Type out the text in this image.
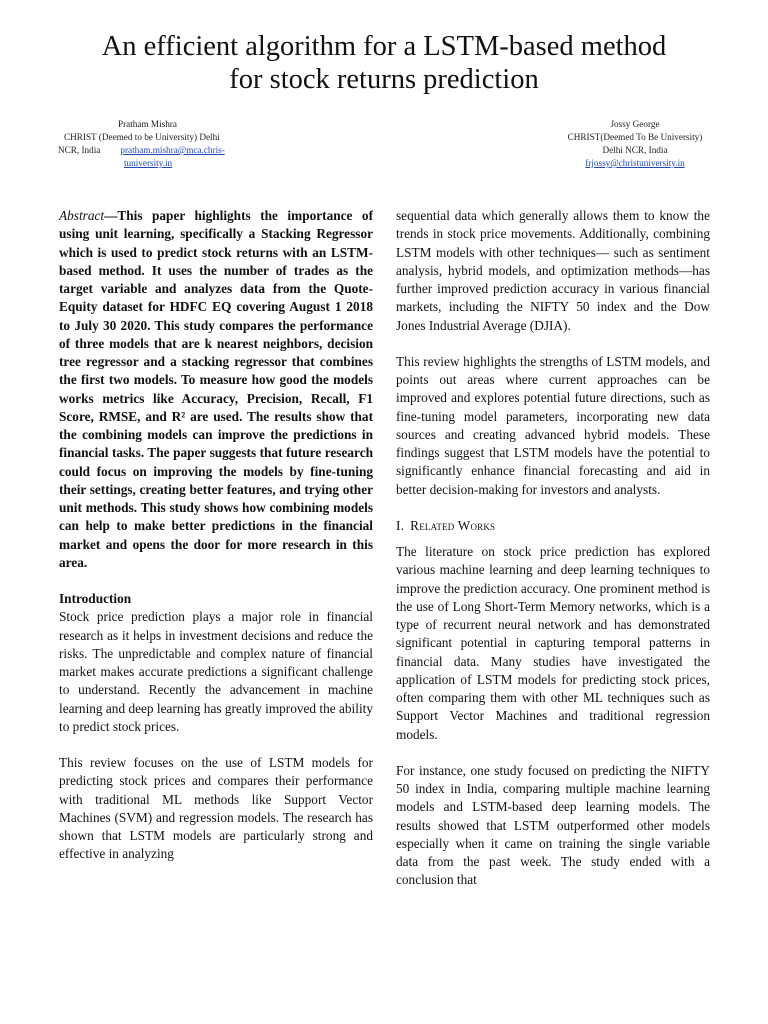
An efficient algorithm for a LSTM-based method
for stock returns prediction
Pratham Mishra
CHRIST (Deemed to be University) Delhi
NCR, India pratham.mishra@mca.chris-
tuniversity.in
Jossy George
CHRIST(Deemed To Be University)
Delhi NCR, India
frjossy@christuniversity.in

Abstract—This paper highlights the importance of using unit learning, specifically a Stacking Regressor which is used to predict stock returns with an LSTM-based method. It uses the number of trades as the target variable and analyzes data from the Quote-Equity dataset for HDFC EQ covering August 1 2018 to July 30 2020. This study compares the performance of three models that are k nearest neighbors, decision tree regressor and a stacking regressor that combines the first two models. To measure how good the models works metrics like Accuracy, Precision, Recall, F1 Score, RMSE, and R² are used. The results show that the combining models can improve the predictions in financial tasks. The paper suggests that future research could focus on improving the models by fine-tuning their settings, creating better features, and trying other unit methods. This study shows how combining models can help to make better predictions in the financial market and opens the door for more research in this area.

Introduction

Stock price prediction plays a major role in financial research as it helps in investment decisions and reduce the risks. The unpredictable and complex nature of financial market makes accurate predictions a significant challenge to understand. Recently the advancement in machine learning and deep learning has greatly improved the ability to predict stock prices.

This review focuses on the use of LSTM models for predicting stock prices and compares their performance with traditional ML methods like Support Vector Machines (SVM) and regression models. The research has shown that LSTM models are particularly strong and effective in analyzing

sequential data which generally allows them to know the trends in stock price movements. Additionally, combining LSTM models with other techniques— such as sentiment analysis, hybrid models, and optimization methods—has further improved prediction accuracy in various financial markets, including the NIFTY 50 index and the Dow Jones Industrial Average (DJIA).

This review highlights the strengths of LSTM models, and points out areas where current approaches can be improved and explores potential future directions, such as fine-tuning model parameters, incorporating new data sources and creating advanced hybrid models. These findings suggest that LSTM models have the potential to significantly enhance financial forecasting and aid in better decision-making for investors and analysts.

I. Related Works

The literature on stock price prediction has explored various machine learning and deep learning techniques to improve the prediction accuracy. One prominent method is the use of Long Short-Term Memory networks, which is a type of recurrent neural network and has demonstrated significant potential in capturing temporal patterns in financial data. Many studies have investigated the application of LSTM models for predicting stock prices, often comparing them with other ML techniques such as Support Vector Machines and traditional regression models.

For instance, one study focused on predicting the NIFTY 50 index in India, comparing multiple machine learning models and LSTM-based deep learning models. The results showed that LSTM outperformed other models especially when it came on training the single variable data from the past week. The study ended with a conclusion that
